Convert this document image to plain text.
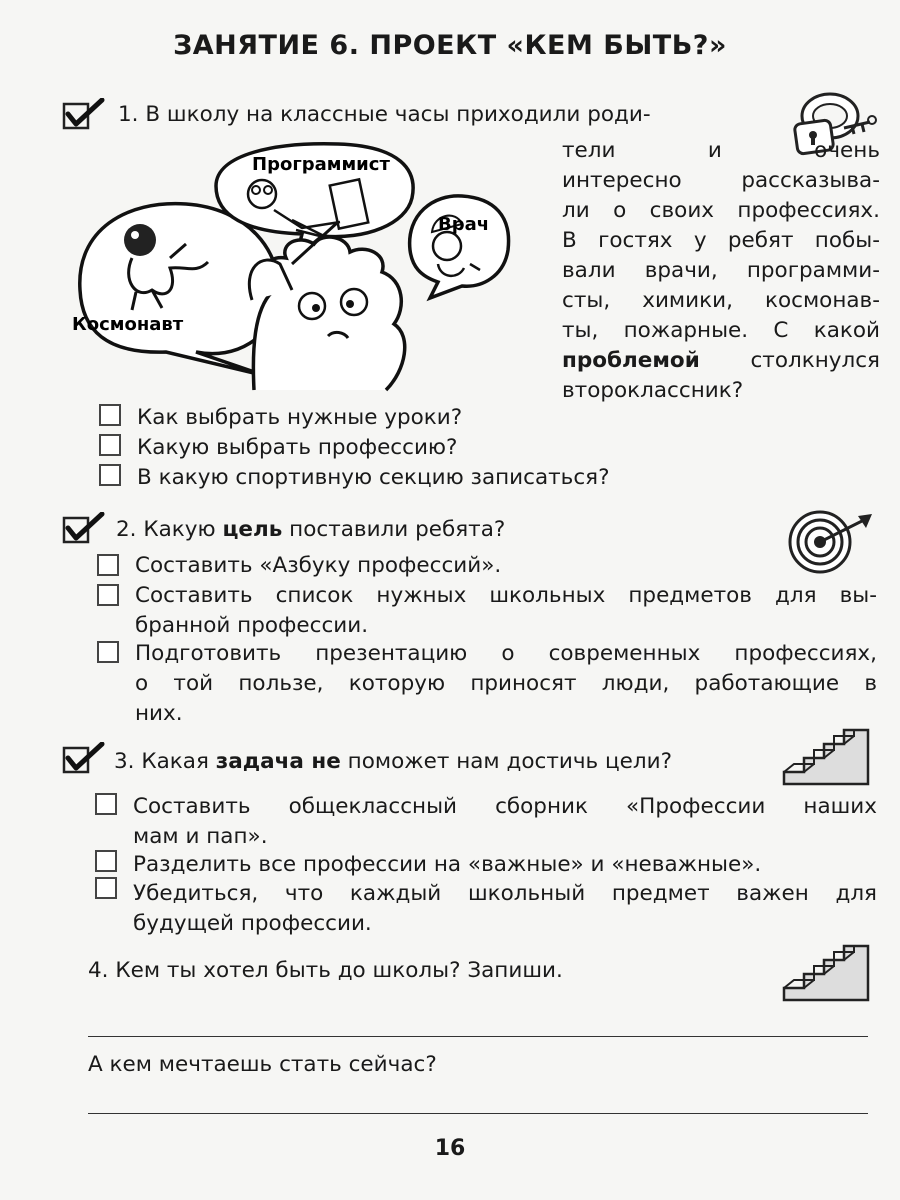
ЗАНЯТИЕ 6. ПРОЕКТ «КЕМ БЫТЬ?»
1. В школу на классные часы приходили роди-
Программист
Врач
Космонавт
тели и очень
интересно рассказыва-
ли о своих профессиях.
В гостях у ребят побы-
вали врачи, программи-
сты, химики, космонав-
ты, пожарные. С какой
проблемой столкнулся
второклассник?
Как выбрать нужные уроки?
Какую выбрать профессию?
В какую спортивную секцию записаться?
2. Какую цель поставили ребята?
Составить «Азбуку профессий».
Составить список нужных школьных предметов для вы-
бранной профессии.
Подготовить презентацию о современных профессиях,
о той пользе, которую приносят люди, работающие в
них.
3. Какая задача не поможет нам достичь цели?
Составить общеклассный сборник «Профессии наших
мам и пап».
Разделить все профессии на «важные» и «неважные».
Убедиться, что каждый школьный предмет важен для
будущей профессии.
4. Кем ты хотел быть до школы? Запиши.
А кем мечтаешь стать сейчас?
16
